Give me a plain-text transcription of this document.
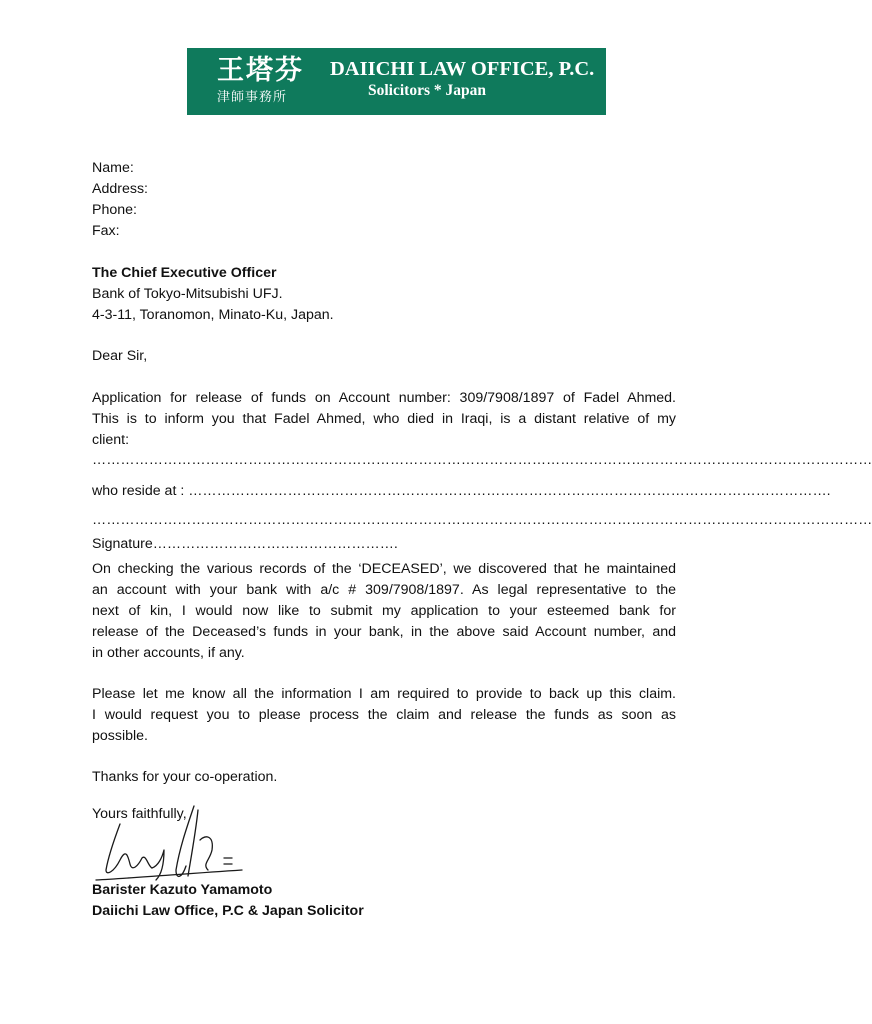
王塔芬
津師事務所
DAIICHI LAW OFFICE, P.C.
Solicitors * Japan
Name:
Address:
Phone:
Fax:
The Chief Executive Officer
Bank of Tokyo-Mitsubishi UFJ.
4-3-11, Toranomon, Minato-Ku, Japan.
Dear Sir,
Application for release of funds on Account number: 309/7908/1897 of Fadel Ahmed.
This is to inform you that Fadel Ahmed, who died in Iraqi, is a distant relative of my
client:
…………………………………………………………………………………………………………………………………………………
who reside at : ……………………………………………………………………………………………………………………….
…………………………………………………………………………………………………………………………………………………
Signature…………………………………………….
On checking the various records of the ‘DECEASED’, we discovered that he maintained
an account with your bank with a/c # 309/7908/1897. As legal representative to the
next of kin, I would now like to submit my application to your esteemed bank for
release of the Deceased’s funds in your bank, in the above said Account number, and
in other accounts, if any.
Please let me know all the information I am required to provide to back up this claim.
I would request you to please process the claim and release the funds as soon as
possible.
Thanks for your co-operation.
Yours faithfully,
Barister Kazuto Yamamoto
Daiichi Law Office, P.C & Japan Solicitor
